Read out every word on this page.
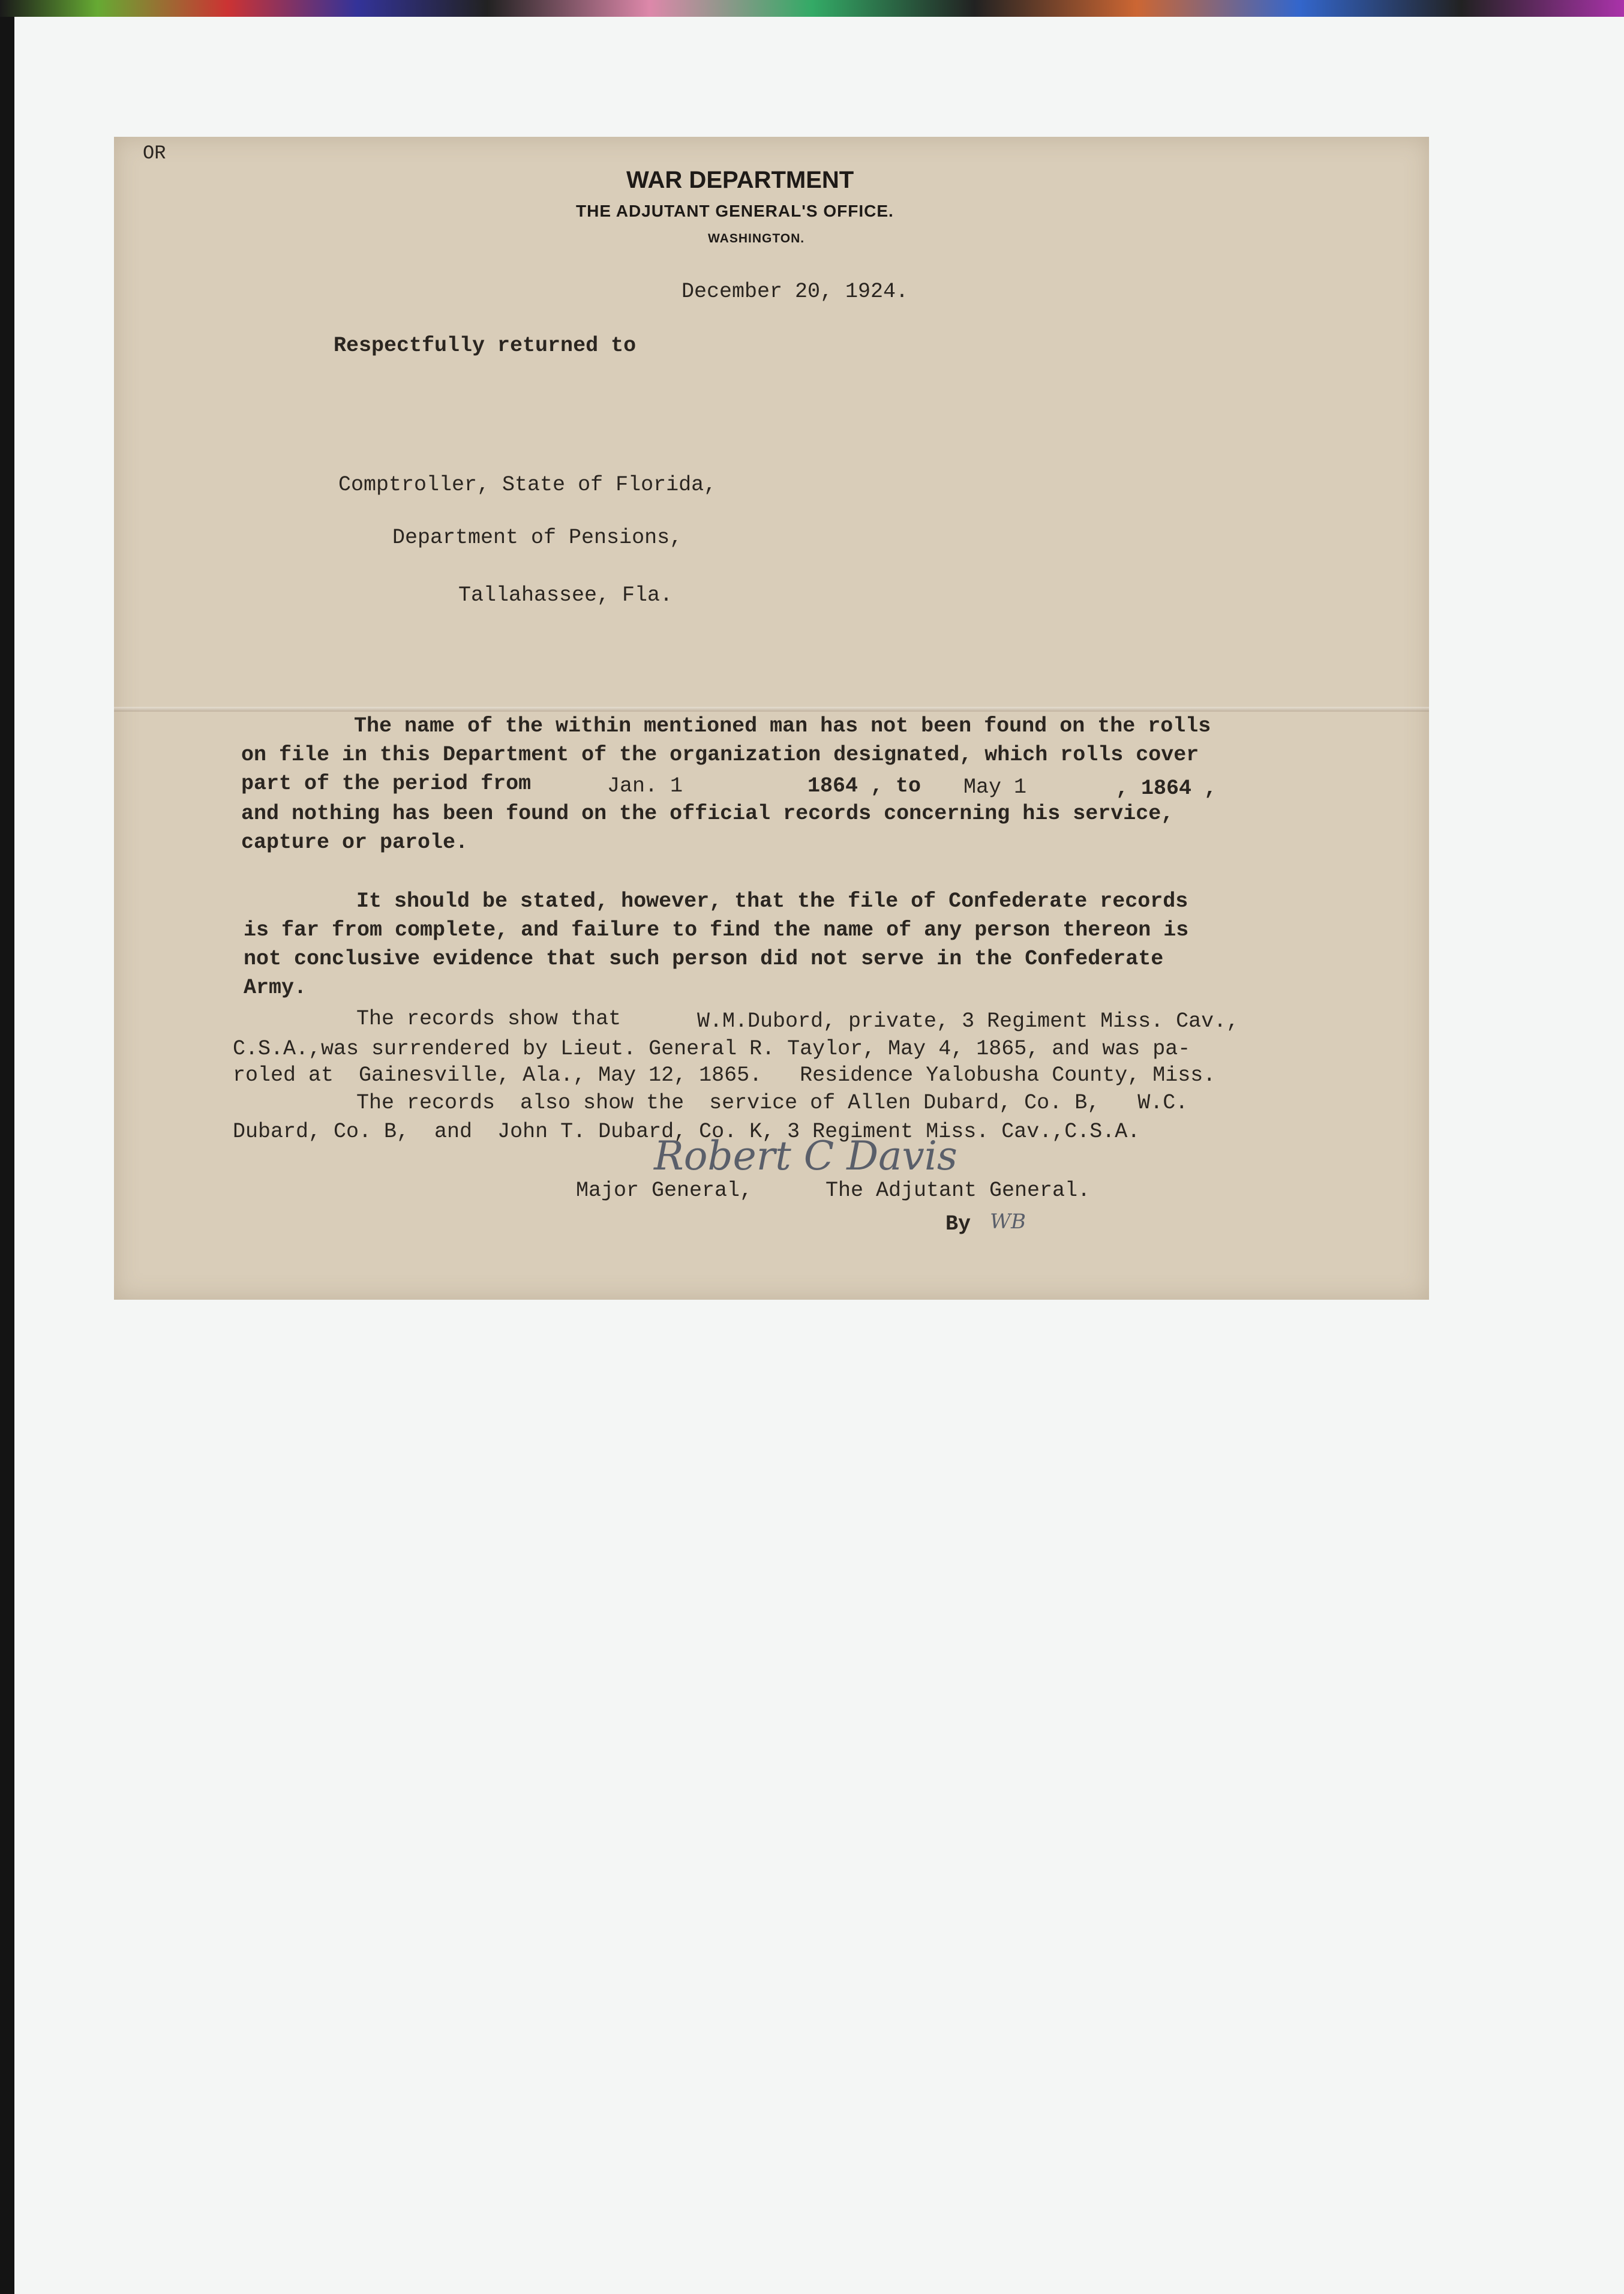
OR
WAR DEPARTMENT
THE ADJUTANT GENERAL'S OFFICE.
WASHINGTON.
December 20, 1924.
Respectfully returned to
Comptroller, State of Florida,
Department of Pensions,
Tallahassee, Fla.
The name of the within mentioned man has not been found on the rolls
on file in this Department of the organization designated, which rolls cover
part of the period from	Jan. 1	1864 , to May 1	, 1864 ,
and nothing has been found on the official records concerning his service,
capture or parole.
It should be stated, however, that the file of Confederate records
is far from complete, and failure to find the name of any person thereon is
not conclusive evidence that such person did not serve in the Confederate
Army.
The records show that	W.M.Dubord, private, 3 Regiment Miss. Cav.,
C.S.A.,was surrendered by Lieut. General R. Taylor, May 4, 1865, and was pa-
roled at  Gainesville, Ala., May 12, 1865.   Residence Yalobusha County, Miss.
The records  also show the  service of Allen Dubard, Co. B,   W.C.
Dubard, Co. B,  and  John T. Dubard, Co. K, 3 Regiment Miss. Cav.,C.S.A.
Robert C Davis
Major General,	The Adjutant General.
By WB
